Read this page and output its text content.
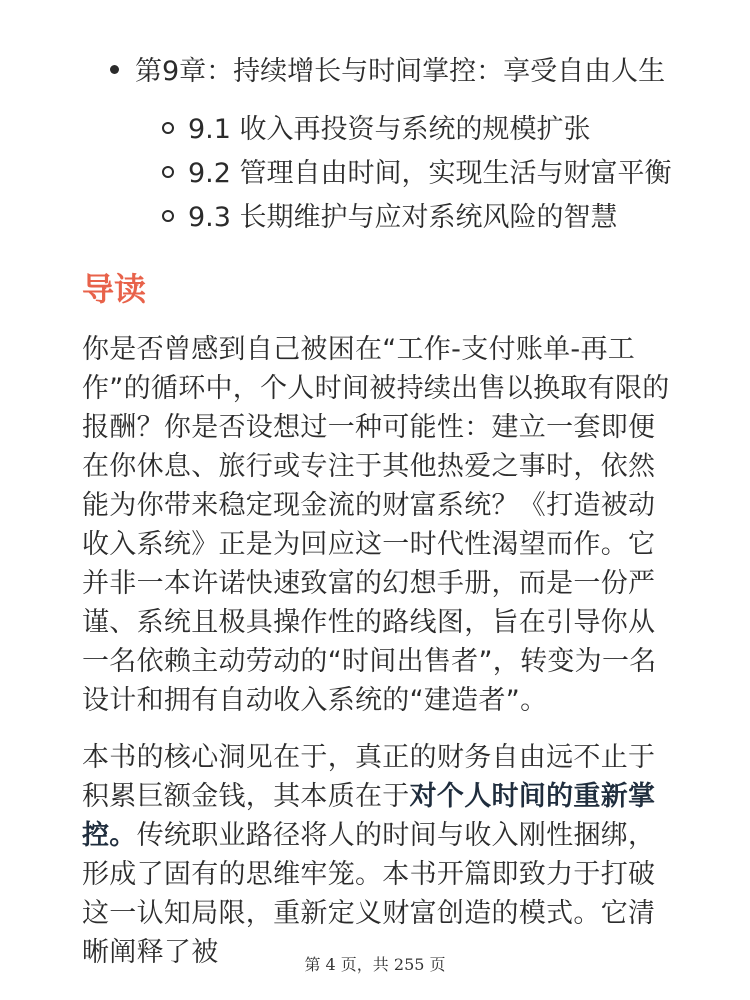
第9章：持续增长与时间掌控：享受自由人生
9.1 收入再投资与系统的规模扩张
9.2 管理自由时间，实现生活与财富平衡
9.3 长期维护与应对系统风险的智慧
导读

你是否曾感到自己被困在“工作-支付账单-再工作”的循环中，个人时间被持续出售以换取有限的报酬？你是否设想过一种可能性：建立一套即便在你休息、旅行或专注于其他热爱之事时，依然能为你带来稳定现金流的财富系统？《打造被动收入系统》正是为回应这一时代性渴望而作。它并非一本许诺快速致富的幻想手册，而是一份严谨、系统且极具操作性的路线图，旨在引导你从一名依赖主动劳动的“时间出售者”，转变为一名设计和拥有自动收入系统的“建造者”。

本书的核心洞见在于，真正的财务自由远不止于积累巨额金钱，其本质在于对个人时间的重新掌控。传统职业路径将人的时间与收入刚性捆绑，形成了固有的思维牢笼。本书开篇即致力于打破这一认知局限，重新定义财富创造的模式。它清晰阐释了被	第 4 页，共 255 页
